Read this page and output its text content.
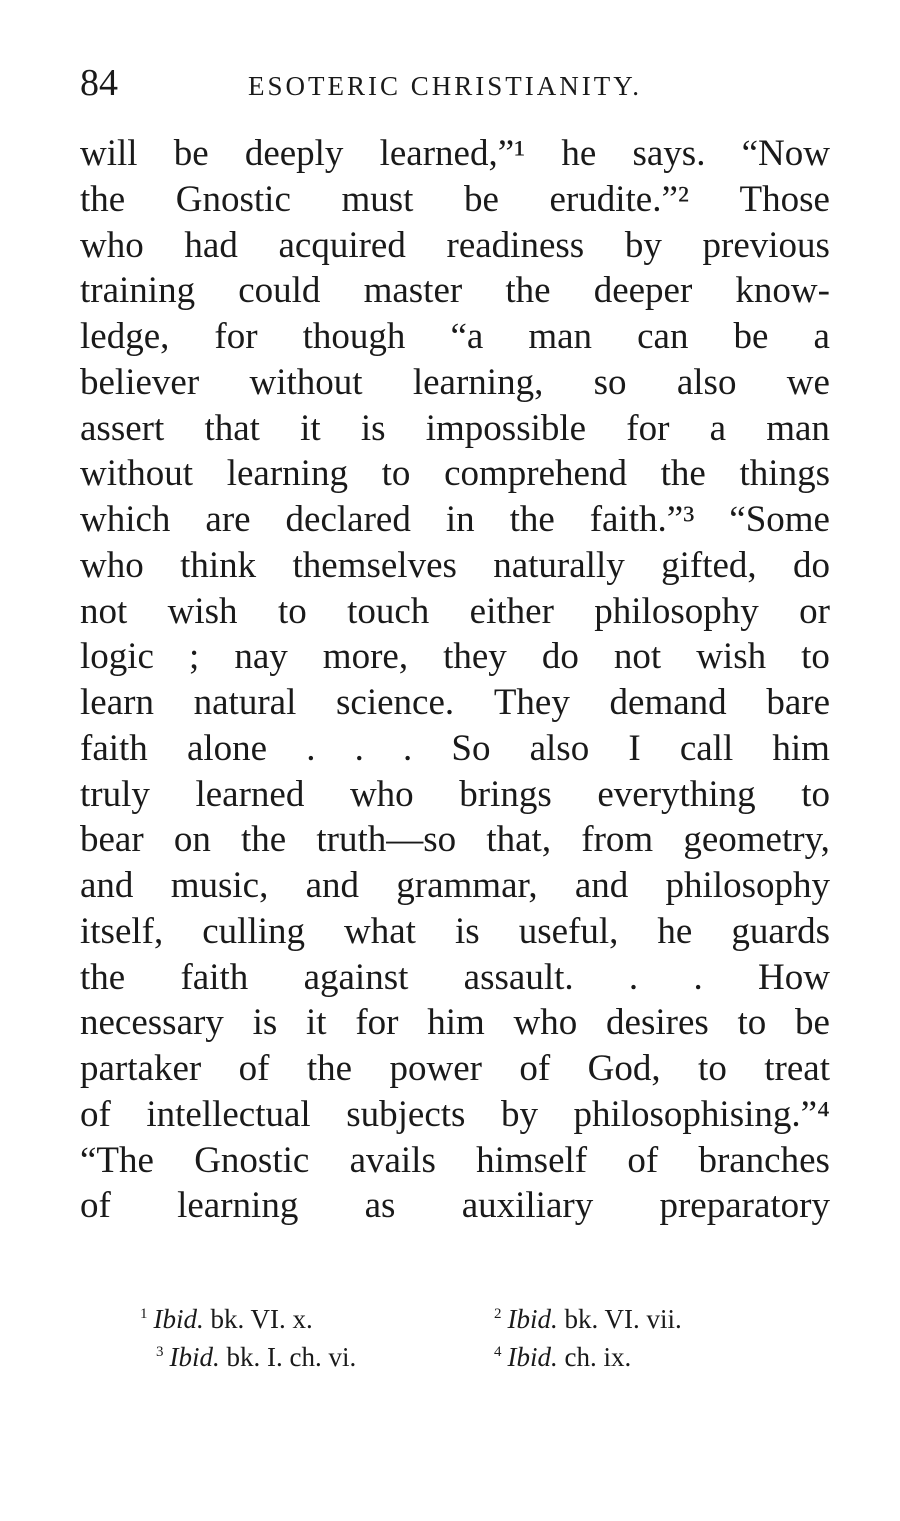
84	ESOTERIC CHRISTIANITY.
will be deeply learned,”¹ he says. “Now
the Gnostic must be erudite.”² Those
who had acquired readiness by previous
training could master the deeper know-
ledge, for though “a man can be a
believer without learning, so also we
assert that it is impossible for a man
without learning to comprehend the things
which are declared in the faith.”³ “Some
who think themselves naturally gifted, do
not wish to touch either philosophy or
logic ; nay more, they do not wish to
learn natural science. They demand bare
faith alone . . . So also I call him
truly learned who brings everything to
bear on the truth—so that, from geometry,
and music, and grammar, and philosophy
itself, culling what is useful, he guards
the faith against assault. . . How
necessary is it for him who desires to be
partaker of the power of God, to treat
of intellectual subjects by philosophising.”⁴
“The Gnostic avails himself of branches
of learning as auxiliary preparatory
$^1$ Ibid. bk. VI. x.	$^2$ Ibid. bk. VI. vii.
$^3$ Ibid. bk. I. ch. vi.	$^4$ Ibid. ch. ix.
